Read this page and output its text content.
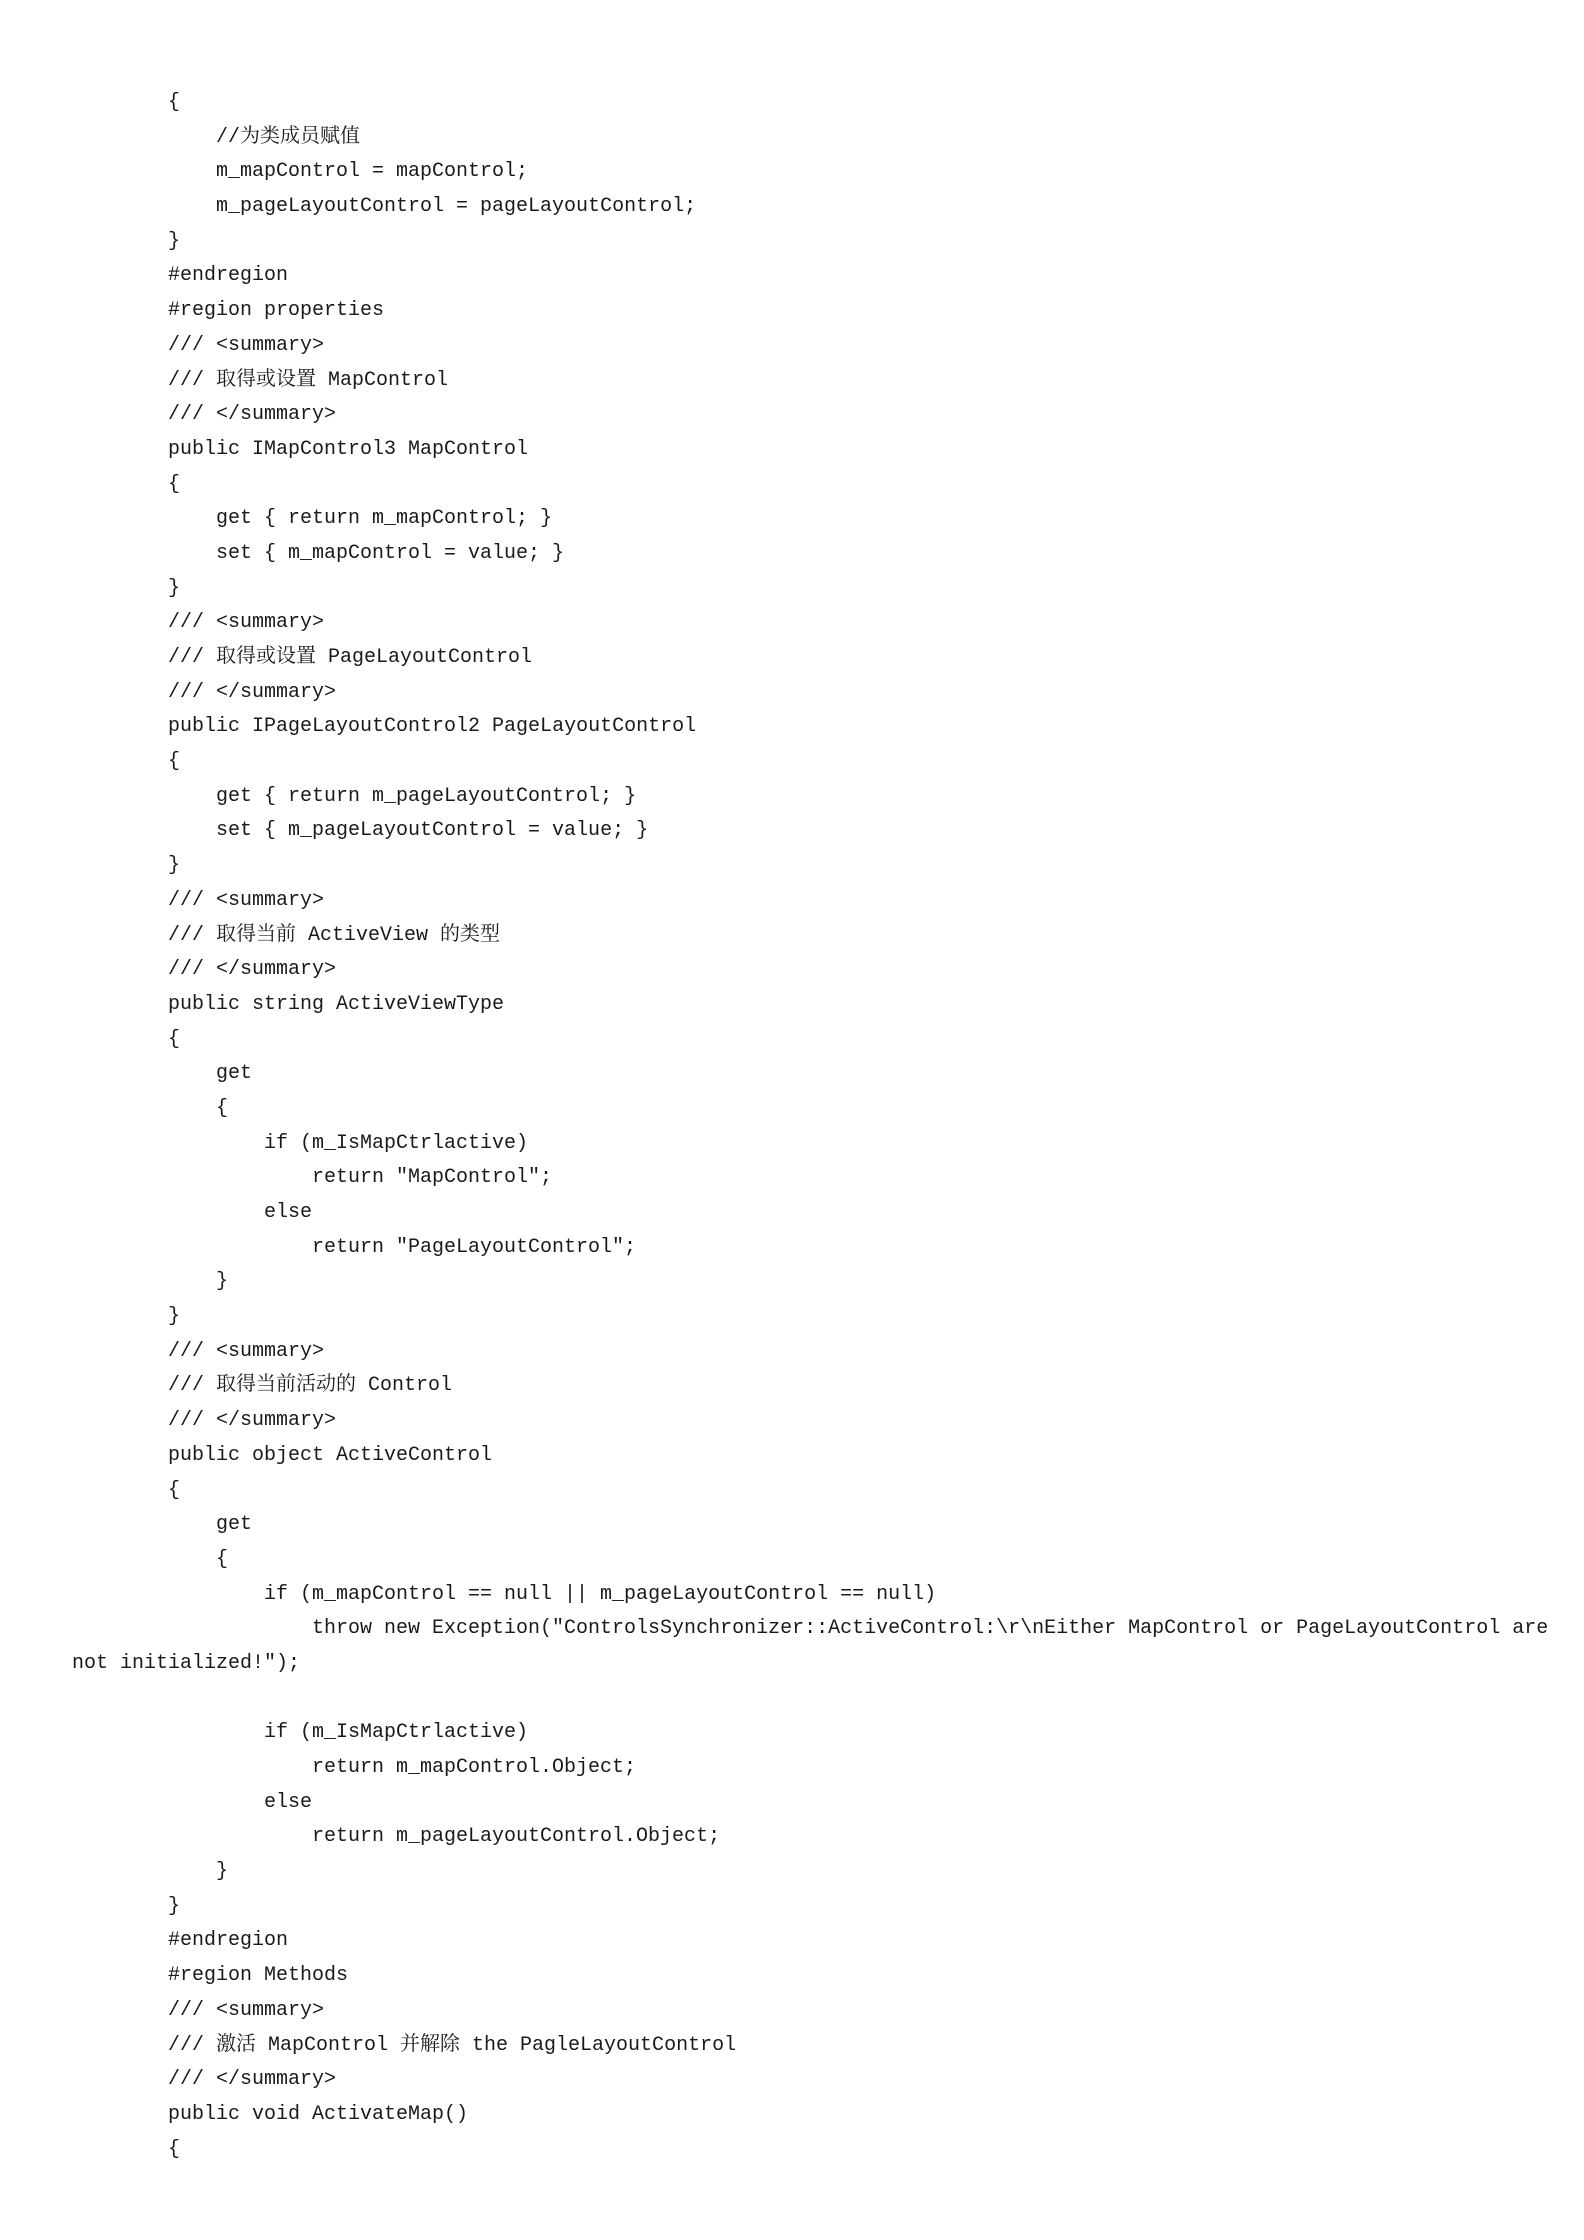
{
//为类成员赋值
m_mapControl = mapControl;
m_pageLayoutControl = pageLayoutControl;
}
#endregion
#region properties
/// <summary>
/// 取得或设置 MapControl
/// </summary>
public IMapControl3 MapControl
{
get { return m_mapControl; }
set { m_mapControl = value; }
}
/// <summary>
/// 取得或设置 PageLayoutControl
/// </summary>
public IPageLayoutControl2 PageLayoutControl
{
get { return m_pageLayoutControl; }
set { m_pageLayoutControl = value; }
}
/// <summary>
/// 取得当前 ActiveView 的类型
/// </summary>
public string ActiveViewType
{
get
{
if (m_IsMapCtrlactive)
return "MapControl";
else
return "PageLayoutControl";
}
}
/// <summary>
/// 取得当前活动的 Control
/// </summary>
public object ActiveControl
{
get
{
if (m_mapControl == null || m_pageLayoutControl == null)
throw new Exception("ControlsSynchronizer::ActiveControl:\r\nEither MapControl or PageLayoutControl are
not initialized!");
if (m_IsMapCtrlactive)
return m_mapControl.Object;
else
return m_pageLayoutControl.Object;
}
}
#endregion
#region Methods
/// <summary>
/// 激活 MapControl 并解除 the PagleLayoutControl
/// </summary>
public void ActivateMap()
{
